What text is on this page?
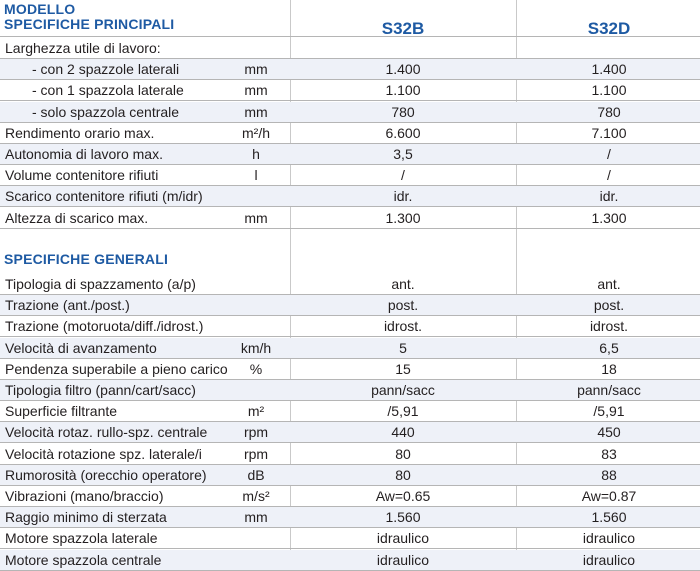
MODELLO
SPECIFICHE PRINCIPALI	S32B	S32D
Larghezza utile di lavoro:
- con 2 spazzole laterali	mm	1.400	1.400
- con 1 spazzola laterale	mm	1.100	1.100
- solo spazzola centrale	mm	780	780
Rendimento orario max.	m²/h	6.600	7.100
Autonomia di lavoro max.	h	3,5	/
Volume contenitore rifiuti	l	/	/
Scarico contenitore rifiuti (m/idr)	idr.	idr.
Altezza di scarico max.	mm	1.300	1.300
SPECIFICHE GENERALI
Tipologia di spazzamento (a/p)	ant.	ant.
Trazione (ant./post.)	post.	post.
Trazione (motoruota/diff./idrost.)	idrost.	idrost.
Velocità di avanzamento	km/h	5	6,5
Pendenza superabile a pieno carico	%	15	18
Tipologia filtro (pann/cart/sacc)	pann/sacc	pann/sacc
Superficie filtrante	m²	/5,91	/5,91
Velocità rotaz. rullo-spz. centrale	rpm	440	450
Velocità rotazione spz. laterale/i	rpm	80	83
Rumorosità (orecchio operatore)	dB	80	88
Vibrazioni (mano/braccio)	m/s²	Aw=0.65	Aw=0.87
Raggio minimo di sterzata	mm	1.560	1.560
Motore spazzola laterale	idraulico	idraulico
Motore spazzola centrale	idraulico	idraulico
